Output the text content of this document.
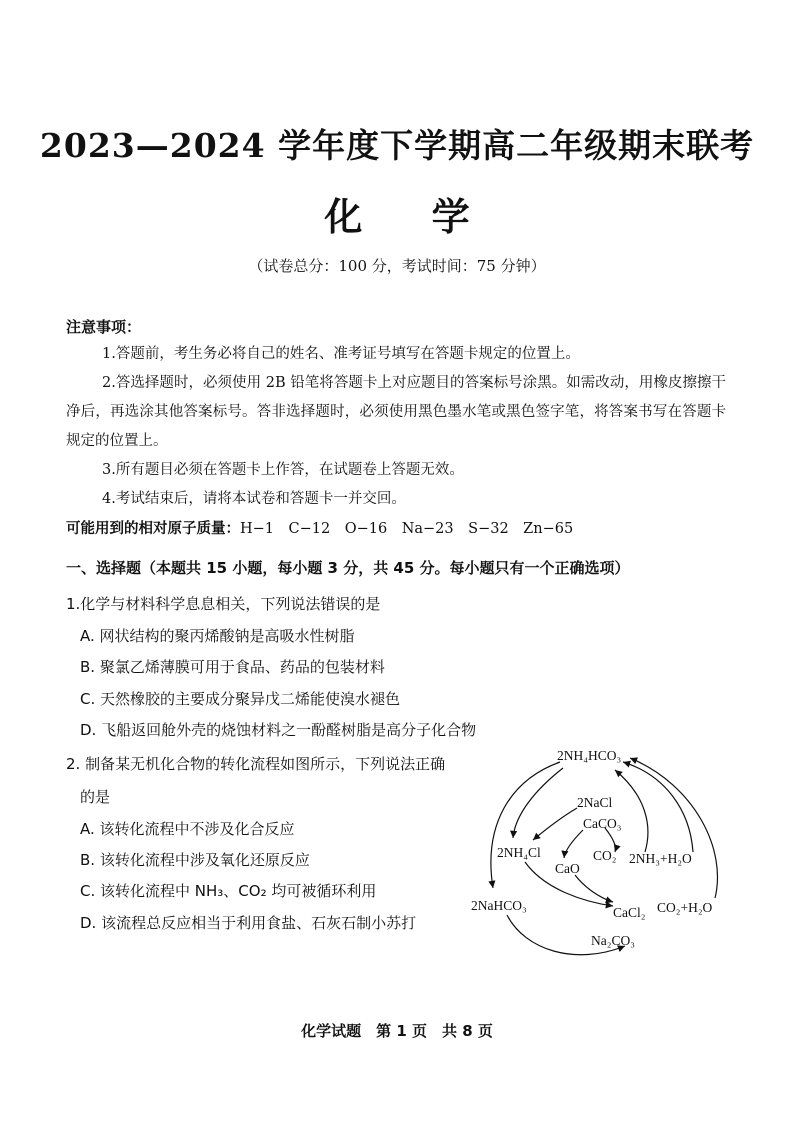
2023—2024 学年度下学期高二年级期末联考
化 学
（试卷总分：100 分，考试时间：75 分钟）
注意事项：
1.答题前，考生务必将自己的姓名、准考证号填写在答题卡规定的位置上。
2.答选择题时，必须使用 2B 铅笔将答题卡上对应题目的答案标号涂黑。如需改动，用橡皮擦擦干净后，再选涂其他答案标号。答非选择题时，必须使用黑色墨水笔或黑色签字笔，将答案书写在答题卡规定的位置上。
3.所有题目必须在答题卡上作答，在试题卷上答题无效。
4.考试结束后，请将本试卷和答题卡一并交回。
可能用到的相对原子质量：H−1　C−12　O−16　Na−23　S−32　Zn−65
一、选择题（本题共 15 小题，每小题 3 分，共 45 分。每小题只有一个正确选项）
1.化学与材料科学息息相关，下列说法错误的是
A. 网状结构的聚丙烯酸钠是高吸水性树脂
B. 聚氯乙烯薄膜可用于食品、药品的包装材料
C. 天然橡胶的主要成分聚异戊二烯能使溴水褪色
D. 飞船返回舱外壳的烧蚀材料之一酚醛树脂是高分子化合物
2. 制备某无机化合物的转化流程如图所示，下列说法正确
的是
A. 该转化流程中不涉及化合反应
B. 该转化流程中涉及氧化还原反应
C. 该转化流程中 NH₃、CO₂ 均可被循环利用
D. 该流程总反应相当于利用食盐、石灰石制小苏打
2NH₄HCO₃
2NaCl
CaCO₃
2NH₄Cl	CO₂
CaO
2NH₃+H₂O
2NaHCO₃	CaCl₂ CO₂+H₂O
Na₂CO₃
化学试题　第 1 页　共 8 页
